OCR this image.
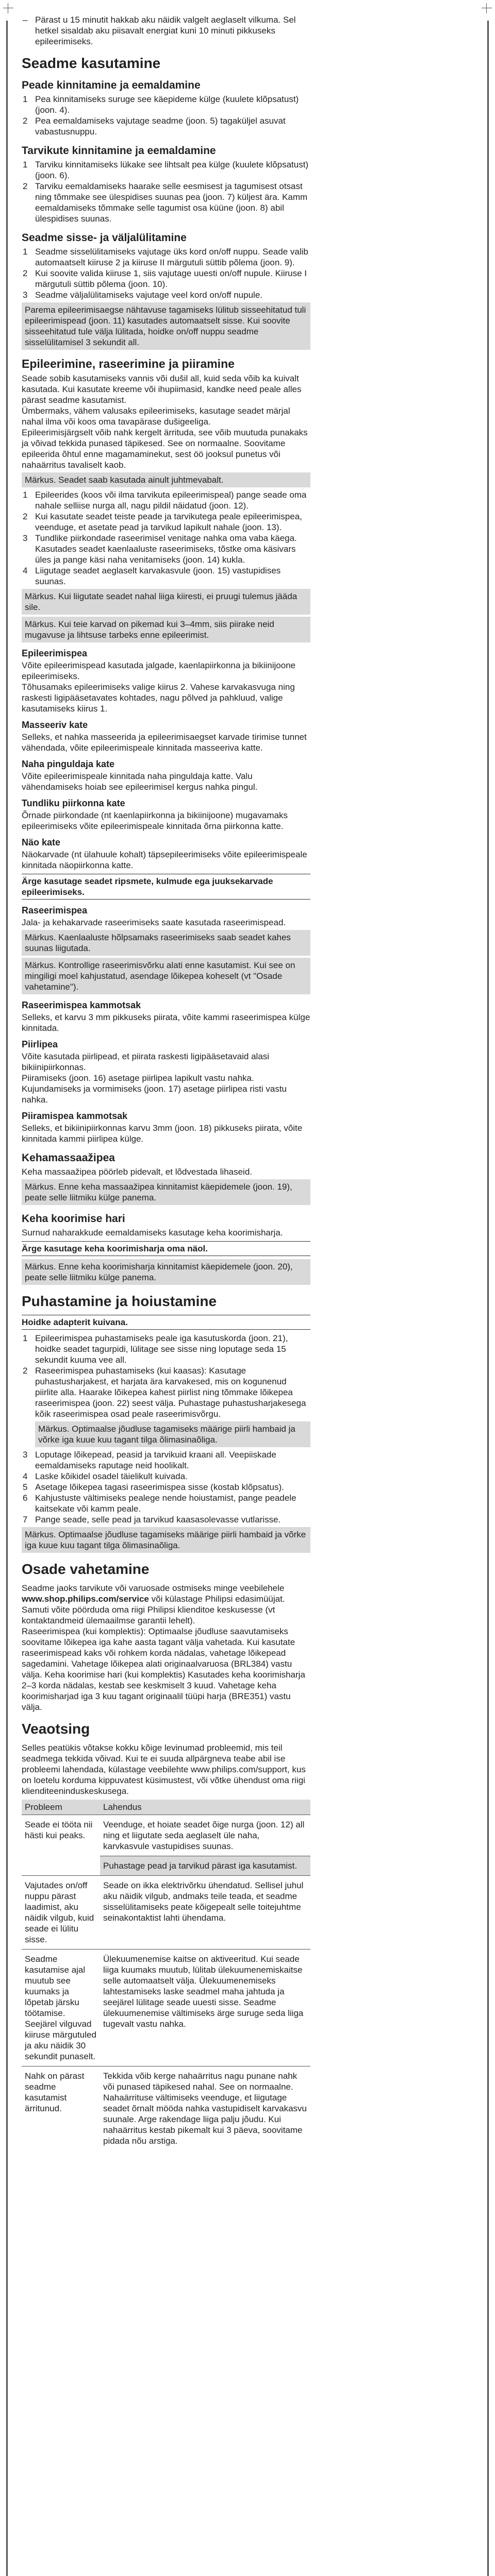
– Pärast u 15 minutit hakkab aku näidik valgelt aeglaselt vilkuma. Sel hetkel sisaldab aku piisavalt energiat kuni 10 minuti pikkuseks epileerimiseks.

Seadme kasutamine
Peade kinnitamine ja eemaldamine
1 Pea kinnitamiseks suruge see käepideme külge (kuulete klõpsatust) (joon. 4).
2 Pea eemaldamiseks vajutage seadme (joon. 5) tagaküljel asuvat vabastusnuppu.
Tarvikute kinnitamine ja eemaldamine
1 Tarviku kinnitamiseks lükake see lihtsalt pea külge (kuulete klõpsatust) (joon. 6).
2 Tarviku eemaldamiseks haarake selle eesmisest ja tagumisest otsast ning tõmmake see ülespidises suunas pea (joon. 7) küljest ära. Kamm eemaldamiseks tõmmake selle tagumist osa küüne (joon. 8) abil ülespidises suunas.
Seadme sisse- ja väljalülitamine
1 Seadme sisselülitamiseks vajutage üks kord on/off nuppu. Seade valib automaatselt kiiruse 2 ja kiiruse II märgutuli süttib põlema (joon. 9).
2 Kui soovite valida kiiruse 1, siis vajutage uuesti on/off nupule. Kiiruse I märgutuli süttib põlema (joon. 10).
3 Seadme väljalülitamiseks vajutage veel kord on/off nupule.
Parema epileerimisaegse nähtavuse tagamiseks lülitub sisseehitatud tuli epileerimispead (joon. 11) kasutades automaatselt sisse. Kui soovite sisseehitatud tule välja lülitada, hoidke on/off nuppu seadme sisselülitamisel 3 sekundit all.
Epileerimine, raseerimine ja piiramine

Seade sobib kasutamiseks vannis või dušil all, kuid seda võib ka kuivalt kasutada. Kui kasutate kreeme või ihupiimasid, kandke need peale alles pärast seadme kasutamist.

Ümbermaks, vähem valusaks epileerimiseks, kasutage seadet märjal nahal ilma või koos oma tavapärase dušigeeliga.

Epileerimisjärgselt võib nahk kergelt ärrituda, see võib muutuda punakaks ja võivad tekkida punased täpikesed. See on normaalne. Soovitame epileerida õhtul enne magamaminekut, sest öö jooksul punetus või nahaärritus tavaliselt kaob.

Märkus. Seadet saab kasutada ainult juhtmevabalt.
1 Epileerides (koos või ilma tarvikuta epileerimispeal) pange seade oma nahale selliise nurga all, nagu pildil näidatud (joon. 12).
2 Kui kasutate seadet teiste peade ja tarvikutega peale epileerimispea, veenduge, et asetate pead ja tarvikud lapikult nahale (joon. 13).
3 Tundlike piirkondade raseerimisel venitage nahka oma vaba käega. Kasutades seadet kaenlaaluste raseerimiseks, tõstke oma käsivars üles ja pange käsi naha venitamiseks (joon. 14) kukla.
4 Liigutage seadet aeglaselt karvakasvule (joon. 15) vastupidises suunas.
Märkus. Kui liigutate seadet nahal liiga kiiresti, ei pruugi tulemus jääda sile.
Märkus. Kui teie karvad on pikemad kui 3–4mm, siis piirake neid mugavuse ja lihtsuse tarbeks enne epileerimist.
Epileerimispea

Võite epileerimispead kasutada jalgade, kaenlapiirkonna ja bikiinijoone epileerimiseks.
Tõhusamaks epileerimiseks valige kiirus 2. Vahese karvakasvuga ning raskesti ligipääsetavates kohtades, nagu põlved ja pahkluud, valige kasutamiseks kiirus 1.

Masseeriv kate

Selleks, et nahka masseerida ja epileerimisaegset karvade tirimise tunnet vähendada, võite epileerimispeale kinnitada masseeriva katte.

Naha pinguldaja kate

Võite epileerimispeale kinnitada naha pinguldaja katte. Valu vähendamiseks hoiab see epileerimisel kergus nahka pingul.

Tundliku piirkonna kate

Õrnade piirkondade (nt kaenlapiirkonna ja bikiinijoone) mugavamaks epileerimiseks võite epileerimispeale kinnitada õrna piirkonna katte.

Näo kate

Näokarvade (nt ülahuule kohalt) täpsepileerimiseks võite epileerimispeale kinnitada näopiirkonna katte.

Ärge kasutage seadet ripsmete, kulmude ega juuksekarvade epileerimiseks.
Raseerimispea

Jala- ja kehakarvade raseerimiseks saate kasutada raseerimispead.

Märkus. Kaenlaaluste hõlpsamaks raseerimiseks saab seadet kahes suunas liigutada.
Märkus. Kontrollige raseerimisvõrku alati enne kasutamist. Kui see on mingiligi moel kahjustatud, asendage lõikepea koheselt (vt "Osade vahetamine").
Raseerimispea kammotsak

Selleks, et karvu 3 mm pikkuseks piirata, võite kammi raseerimispea külge kinnitada.

Piirlipea

Võite kasutada piirlipead, et piirata raskesti ligipääsetavaid alasi bikiinipiirkonnas.
Piiramiseks (joon. 16) asetage piirlipea lapikult vastu nahka. Kujundamiseks ja vormimiseks (joon. 17) asetage piirlipea risti vastu nahka.

Piiramispea kammotsak

Selleks, et bikiinipiirkonnas karvu 3mm (joon. 18) pikkuseks piirata, võite kinnitada kammi piirlipea külge.

Kehamassaažipea

Keha massaažipea pöörleb pidevalt, et lõdvestada lihaseid.

Märkus. Enne keha massaažipea kinnitamist käepidemele (joon. 19), peate selle liitmiku külge panema.
Keha koorimise hari

Surnud naharakkude eemaldamiseks kasutage keha koorimisharja.

Ärge kasutage keha koorimisharja oma näol.
Märkus. Enne keha koorimisharja kinnitamist käepidemele (joon. 20), peate selle liitmiku külge panema.
Puhastamine ja hoiustamine
Hoidke adapterit kuivana.
1 Epileerimispea puhastamiseks peale iga kasutuskorda (joon. 21), hoidke seadet tagurpidi, lülitage see sisse ning loputage seda 15 sekundit kuuma vee all.
2 Raseerimispea puhastamiseks (kui kaasas): Kasutage puhastusharjakest, et harjata ära karvakesed, mis on kogunenud piirlite alla. Haarake lõikepea kahest piirlist ning tõmmake lõikepea raseerimispea (joon. 22) seest välja. Puhastage puhastusharjakesega kõik raseerimispea osad peale raseerimisvõrgu.
Märkus. Optimaalse jõudluse tagamiseks määrige piirli hambaid ja võrke iga kuue kuu tagant tilga õlimasinaõliga.
3 Loputage lõikepead, peasid ja tarvikuid kraani all. Veepiiskade eemaldamiseks raputage neid hoolikalt.
4 Laske kõikidel osadel täielikult kuivada.
5 Asetage lõikepea tagasi raseerimispea sisse (kostab klõpsatus).
6 Kahjustuste vältimiseks pealege nende hoiustamist, pange peadele kaitsekate või kamm peale.
7 Pange seade, selle pead ja tarvikud kaasasolevasse vutlarisse.
Märkus. Optimaalse jõudluse tagamiseks määrige piirli hambaid ja võrke iga kuue kuu tagant tilga õlimasinaõliga.
Osade vahetamine

Seadme jaoks tarvikute või varuosade ostmiseks minge veebilehele www.shop.philips.com/service või külastage Philipsi edasimüüjat. Samuti võite pöörduda oma riigi Philipsi klienditoe keskusesse (vt kontaktandmeid ülemaailmse garantii lehelt).

Raseerimispea (kui komplektis): Optimaalse jõudluse saavutamiseks soovitame lõikepea iga kahe aasta tagant välja vahetada. Kui kasutate raseerimispead kaks või rohkem korda nädalas, vahetage lõikepead sagedamini. Vahetage lõikepea alati originaalvaruosa (BRL384) vastu välja. Keha koorimise hari (kui komplektis) Kasutades keha koorimisharja 2–3 korda nädalas, kestab see keskmiselt 3 kuud. Vahetage keha koorimisharjad iga 3 kuu tagant originaalil tüüpi harja (BRE351) vastu välja.

Veaotsing

Selles peatükis võtakse kokku kõige levinumad probleemid, mis teil seadmega tekkida võivad. Kui te ei suuda allpärgneva teabe abil ise probleemi lahendada, külastage veebilehte www.philips.com/support, kus on loetelu korduma kippuvatest küsimustest, või võtke ühendust oma riigi klienditeeninduskeskusega.

Probleem	Lahendus
Seade ei tööta nii hästi kui peaks.	Veenduge, et hoiate seadet õige nurga (joon. 12) all ning et liigutate seda aeglaselt üle naha, karvkasvule vastupidises suunas.
	Puhastage pead ja tarvikud pärast iga kasutamist.
Vajutades on/off nuppu pärast laadimist, aku näidik vilgub, kuid seade ei lülitu sisse.	Seade on ikka elektrivõrku ühendatud. Sellisel juhul aku näidik vilgub, andmaks teile teada, et seadme sisselülitamiseks peate kõigepealt selle toitejuhtme seinakontaktist lahti ühendama.
Seadme kasutamise ajal muutub see kuumaks ja lõpetab järsku töötamise. Seejärel vilguvad kiiruse märgutuled ja aku näidik 30 sekundit punaselt.	Ülekuumenemise kaitse on aktiveeritud. Kui seade liiga kuumaks muutub, lülitab ülekuumenemiskaitse selle automaatselt välja. Ülekuumenemiseks lahtestamiseks laske seadmel maha jahtuda ja seejärel lülitage seade uuesti sisse. Seadme ülekuumenemise vältimiseks ärge suruge seda liiga tugevalt vastu nahka.
Nahk on pärast seadme kasutamist ärritunud.	Tekkida võib kerge nahaärritus nagu punane nahk või punased täpikesed nahal. See on normaalne. Nahaärrituse vältimiseks veenduge, et liigutage seadet õrnalt mööda nahka vastupidiselt karvakasvu suunale. Arge rakendage liiga palju jõudu. Kui nahaärritus kestab pikemalt kui 3 päeva, soovitame pidada nõu arstiga.
